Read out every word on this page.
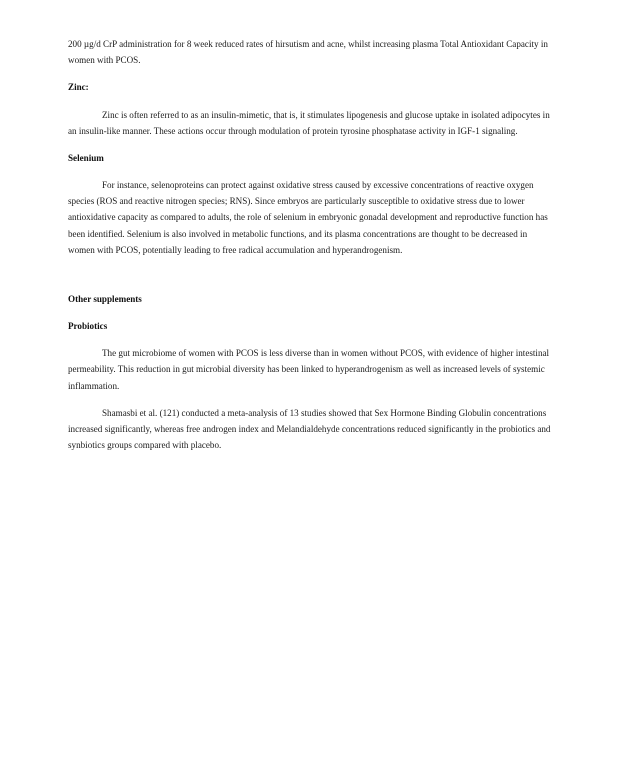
200 µg/d CrP administration for 8 week reduced rates of hirsutism and acne, whilst increasing plasma Total Antioxidant Capacity in women with PCOS.

Zinc:

Zinc is often referred to as an insulin-mimetic, that is, it stimulates lipogenesis and glucose uptake in isolated adipocytes in an insulin-like manner. These actions occur through modulation of protein tyrosine phosphatase activity in IGF-1 signaling.

Selenium

For instance, selenoproteins can protect against oxidative stress caused by excessive concentrations of reactive oxygen species (ROS and reactive nitrogen species; RNS). Since embryos are particularly susceptible to oxidative stress due to lower antioxidative capacity as compared to adults, the role of selenium in embryonic gonadal development and reproductive function has been identified. Selenium is also involved in metabolic functions, and its plasma concentrations are thought to be decreased in women with PCOS, potentially leading to free radical accumulation and hyperandrogenism.

Other supplements

Probiotics

The gut microbiome of women with PCOS is less diverse than in women without PCOS, with evidence of higher intestinal permeability. This reduction in gut microbial diversity has been linked to hyperandrogenism as well as increased levels of systemic inflammation.

Shamasbi et al. (121) conducted a meta-analysis of 13 studies showed that Sex Hormone Binding Globulin concentrations increased significantly, whereas free androgen index and Melandialdehyde concentrations reduced significantly in the probiotics and synbiotics groups compared with placebo.
